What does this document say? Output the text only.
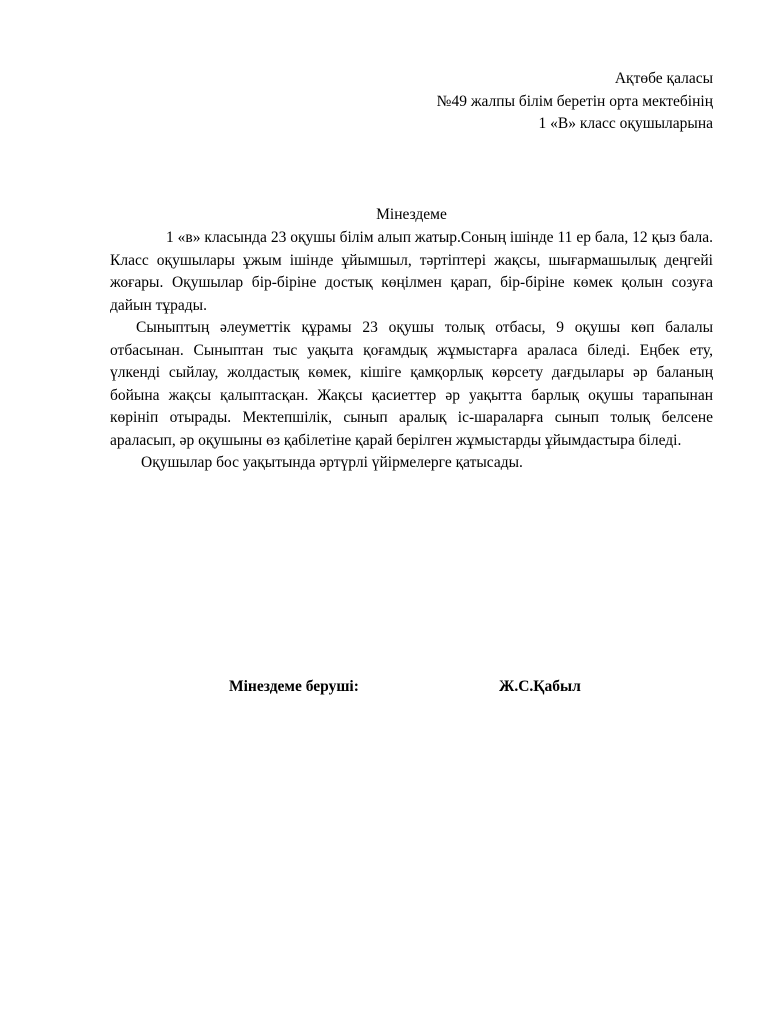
Ақтөбе қаласы
№49 жалпы білім беретін орта мектебінің
1 «В» класс оқушыларына
Мінездеме

1 «в» класында 23 оқушы білім алып жатыр.Соның ішінде 11 ер бала, 12 қыз бала. Класс оқушылары ұжым ішінде ұйымшыл, тәртіптері жақсы, шығармашылық деңгейі жоғары. Оқушылар бір-біріне достық көңілмен қарап, бір-біріне көмек қолын созуға дайын тұрады.

Сыныптың әлеуметтік құрамы 23 оқушы толық отбасы, 9 оқушы көп балалы отбасынан. Сыныптан тыс уақыта қоғамдық жұмыстарға араласа біледі. Еңбек ету, үлкенді сыйлау, жолдастық көмек, кішіге қамқорлық көрсету дағдылары әр баланың бойына жақсы қалыптасқан. Жақсы қасиеттер әр уақытта барлық оқушы тарапынан көрініп отырады. Мектепшілік, сынып аралық іс-шараларға сынып толық белсене араласып, әр оқушыны өз қабілетіне қарай берілген жұмыстарды ұйымдастыра біледі.

Оқушылар бос уақытында әртүрлі үйірмелерге қатысады.

Мінездеме беруші:	Ж.С.Қабыл
